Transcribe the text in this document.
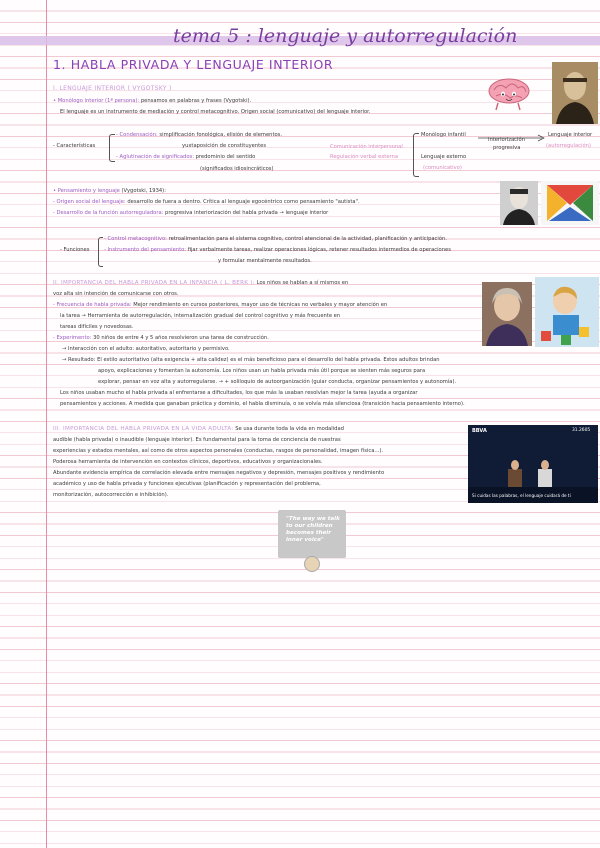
tema 5 : lenguaje y autorregulación
1. HABLA PRIVADA Y LENGUAJE INTERIOR
I. LENGUAJE INTERIOR ( VYGOTSKY )
• Monólogo interior (1ª persona): pensamos en palabras y frases (Vygotski).
El lenguaje es un instrumento de mediación y control metacognitivo. Origen social (comunicativo) del lenguaje interior.
- Características
- Condensación: simplificación fonológica, elisión de elementos.
yuxtaposición de constituyentes
- Aglutinación de significados: predominio del sentido
(significados idiosincráticos)
Comunicación interpersonal
Regulación verbal externa
Monólogo infantil
Lenguaje externo
(comunicativo)
interiorización
progresiva
Lenguaje interior
(autorregulación)
• Pensamiento y lenguaje (Vygotski, 1934):
- Origen social del lenguaje: desarrollo de fuera a dentro. Crítica al lenguaje egocéntrico como pensamiento "autista".
- Desarrollo de la función autorreguladora: progresiva interiorización del habla privada → lenguaje interior
- Funciones
- Control metacognitivo: retroalimentación para el sistema cognitivo, control atencional de la actividad, planificación y anticipación.
- Instrumento del pensamiento: fijar verbalmente tareas, realizar operaciones lógicas, retener resultados intermedios de operaciones
y formular mentalmente resultados.
II. IMPORTANCIA DEL HABLA PRIVADA EN LA INFANCIA ( L. BERK ): Los niños se hablan a sí mismos en
voz alta sin intención de comunicarse con otros.
- Frecuencia de habla privada: Mejor rendimiento en cursos posteriores, mayor uso de técnicas no verbales y mayor atención en
la tarea → Herramienta de autorregulación, internalización gradual del control cognitivo y más frecuente en
tareas difíciles y novedosas.
- Experimento: 30 niños de entre 4 y 5 años resolvieron una tarea de construcción.
→ Interacción con el adulto: autoritativo, autoritario y permisivo.
→ Resultado: El estilo autoritativo (alta exigencia + alta calidez) es el más beneficioso para el desarrollo del habla privada. Estos adultos brindan
apoyo, explicaciones y fomentan la autonomía. Los niños usan un habla privada más útil porque se sienten más seguros para
explorar, pensar en voz alta y autorregularse. → + soliloquio de autoorganización (guiar conducta, organizar pensamientos y autonomía).
Los niños usaban mucho el habla privada al enfrentarse a dificultades, los que más la usaban resolvían mejor la tarea (ayuda a organizar
pensamientos y acciones. A medida que ganaban práctica y dominio, el habla disminuía, o se volvía más silenciosa (transición hacia pensamiento interno).
BBVA	31.2605
Si cuidas las palabras, el lenguaje cuidará de ti
III. IMPORTANCIA DEL HABLA PRIVADA EN LA VIDA ADULTA: Se usa durante toda la vida en modalidad
audible (habla privada) o inaudible (lenguaje interior). Es fundamental para la toma de conciencia de nuestras
experiencias y estados mentales, así como de otros aspectos personales (conductas, rasgos de personalidad, imagen física...).
Poderosa herramienta de intervención en contextos clínicos, deportivos, educativos y organizacionales.
Abundante evidencia empírica de correlación elevada entre mensajes negativos y depresión, mensajes positivos y rendimiento
académico y uso de habla privada y funciones ejecutivas (planificación y representación del problema,
monitorización, autocorrección e inhibición).
"The way we talk to our children becomes their inner voice"
